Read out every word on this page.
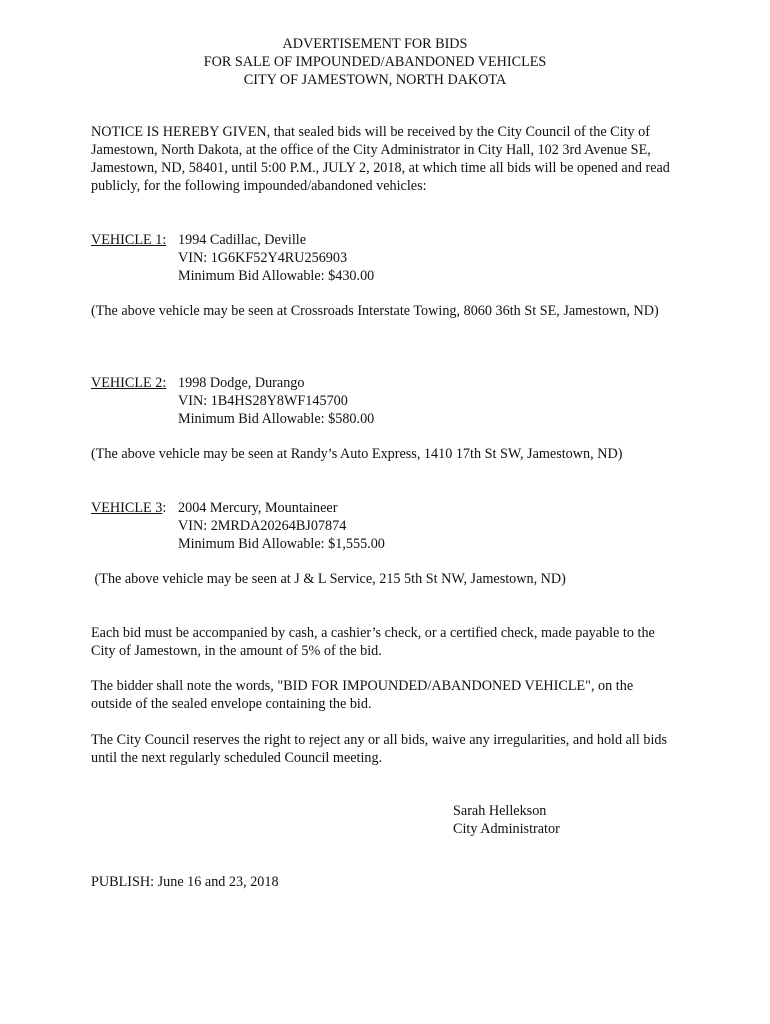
ADVERTISEMENT FOR BIDS
FOR SALE OF IMPOUNDED/ABANDONED VEHICLES
CITY OF JAMESTOWN, NORTH DAKOTA

NOTICE IS HEREBY GIVEN, that sealed bids will be received by the City Council of the City of Jamestown, North Dakota, at the office of the City Administrator in City Hall, 102 3rd Avenue SE, Jamestown, ND, 58401, until 5:00 P.M., JULY 2, 2018, at which time all bids will be opened and read publicly, for the following impounded/abandoned vehicles:

VEHICLE 1: 1994 Cadillac, Deville
VIN: 1G6KF52Y4RU256903
Minimum Bid Allowable: $430.00

(The above vehicle may be seen at Crossroads Interstate Towing, 8060 36th St SE, Jamestown, ND)

VEHICLE 2: 1998 Dodge, Durango
VIN: 1B4HS28Y8WF145700
Minimum Bid Allowable: $580.00

(The above vehicle may be seen at Randy’s Auto Express, 1410 17th St SW, Jamestown, ND)

VEHICLE 3: 2004 Mercury, Mountaineer
VIN: 2MRDA20264BJ07874
Minimum Bid Allowable: $1,555.00

(The above vehicle may be seen at J & L Service, 215 5th St NW, Jamestown, ND)

Each bid must be accompanied by cash, a cashier’s check, or a certified check, made payable to the City of Jamestown, in the amount of 5% of the bid.

The bidder shall note the words, "BID FOR IMPOUNDED/ABANDONED VEHICLE", on the outside of the sealed envelope containing the bid.

The City Council reserves the right to reject any or all bids, waive any irregularities, and hold all bids until the next regularly scheduled Council meeting.

Sarah Hellekson
City Administrator
PUBLISH: June 16 and 23, 2018
